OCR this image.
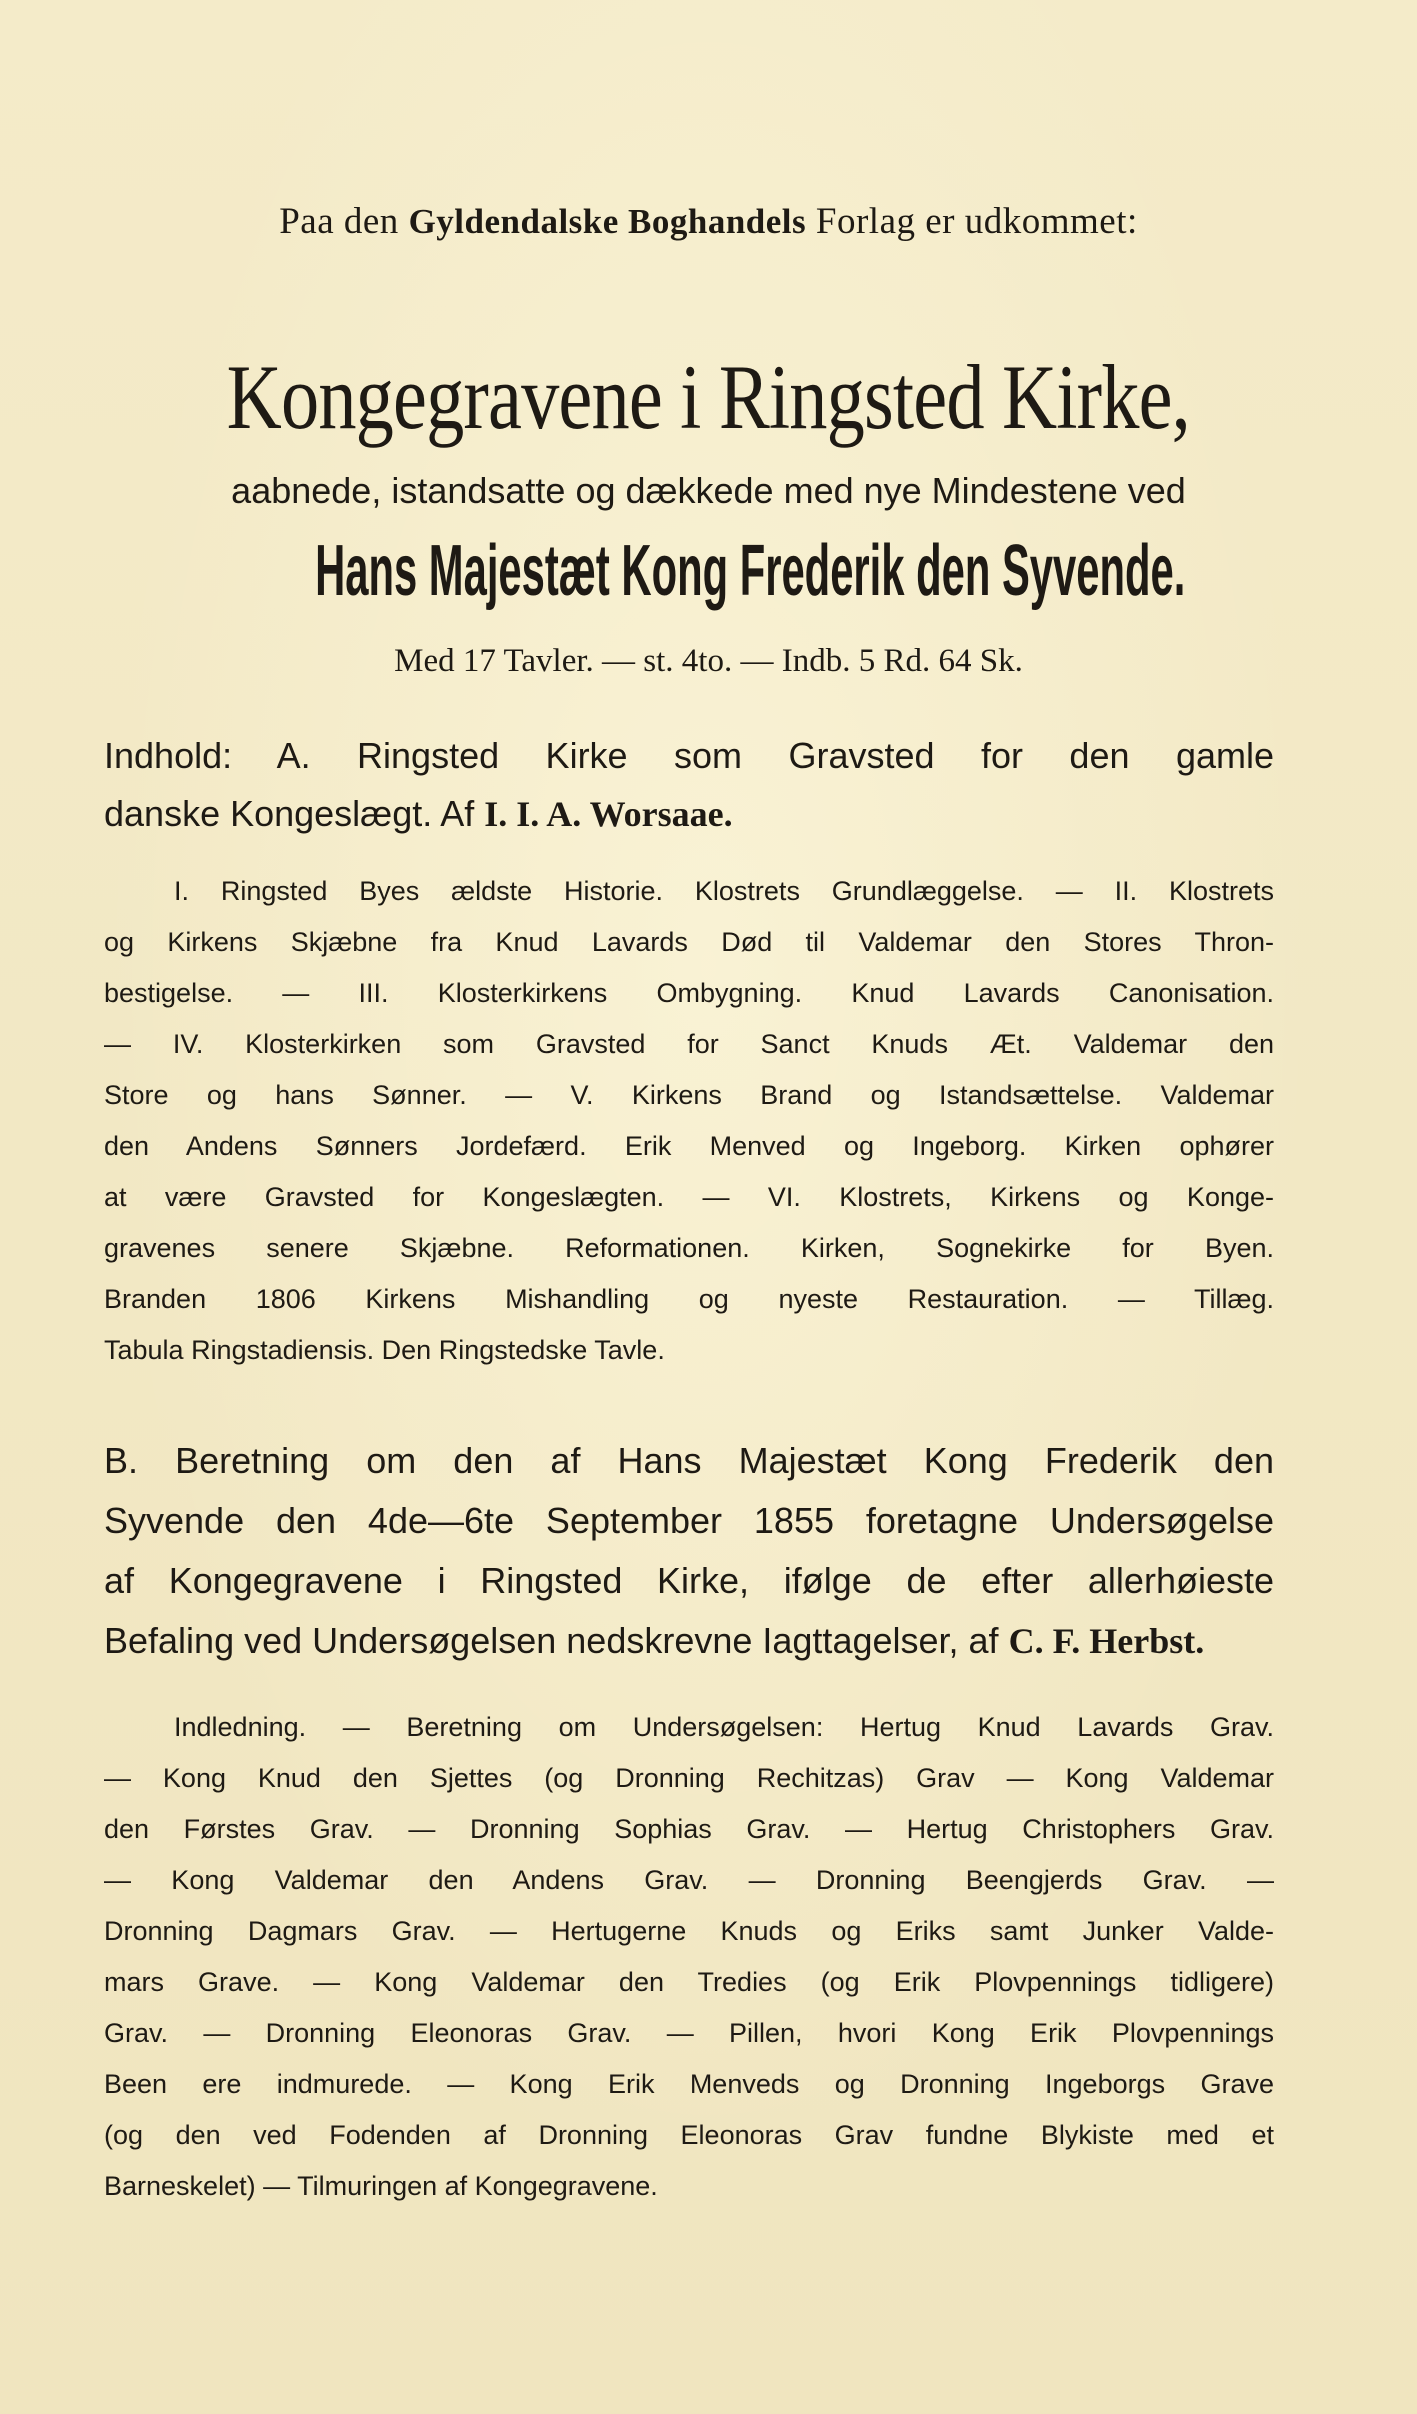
Paa den Gyldendalske Boghandels Forlag er udkommet:
Kongegravene i Ringsted Kirke,
aabnede, istandsatte og dækkede med nye Mindestene ved
Hans Majestæt Kong Frederik den Syvende.
Med 17 Tavler. — st. 4to. — Indb. 5 Rd. 64 Sk.
Indhold: A. Ringsted Kirke som Gravsted for den gamle
danske Kongeslægt. Af I. I. A. Worsaae.
I. Ringsted Byes ældste Historie. Klostrets Grundlæggelse. — II. Klostrets
og Kirkens Skjæbne fra Knud Lavards Død til Valdemar den Stores Thron-
bestigelse. — III. Klosterkirkens Ombygning. Knud Lavards Canonisation.
— IV. Klosterkirken som Gravsted for Sanct Knuds Æt. Valdemar den
Store og hans Sønner. — V. Kirkens Brand og Istandsættelse. Valdemar
den Andens Sønners Jordefærd. Erik Menved og Ingeborg. Kirken ophører
at være Gravsted for Kongeslægten. — VI. Klostrets, Kirkens og Konge-
gravenes senere Skjæbne. Reformationen. Kirken, Sognekirke for Byen.
Branden 1806 Kirkens Mishandling og nyeste Restauration. — Tillæg.
Tabula Ringstadiensis. Den Ringstedske Tavle.
B. Beretning om den af Hans Majestæt Kong Frederik den
Syvende den 4de—6te September 1855 foretagne Undersøgelse
af Kongegravene i Ringsted Kirke, ifølge de efter allerhøieste
Befaling ved Undersøgelsen nedskrevne Iagttagelser, af C. F. Herbst.
Indledning. — Beretning om Undersøgelsen: Hertug Knud Lavards Grav.
— Kong Knud den Sjettes (og Dronning Rechitzas) Grav — Kong Valdemar
den Førstes Grav. — Dronning Sophias Grav. — Hertug Christophers Grav.
— Kong Valdemar den Andens Grav. — Dronning Beengjerds Grav. —
Dronning Dagmars Grav. — Hertugerne Knuds og Eriks samt Junker Valde-
mars Grave. — Kong Valdemar den Tredies (og Erik Plovpennings tidligere)
Grav. — Dronning Eleonoras Grav. — Pillen, hvori Kong Erik Plovpennings
Been ere indmurede. — Kong Erik Menveds og Dronning Ingeborgs Grave
(og den ved Fodenden af Dronning Eleonoras Grav fundne Blykiste med et
Barneskelet) — Tilmuringen af Kongegravene.
